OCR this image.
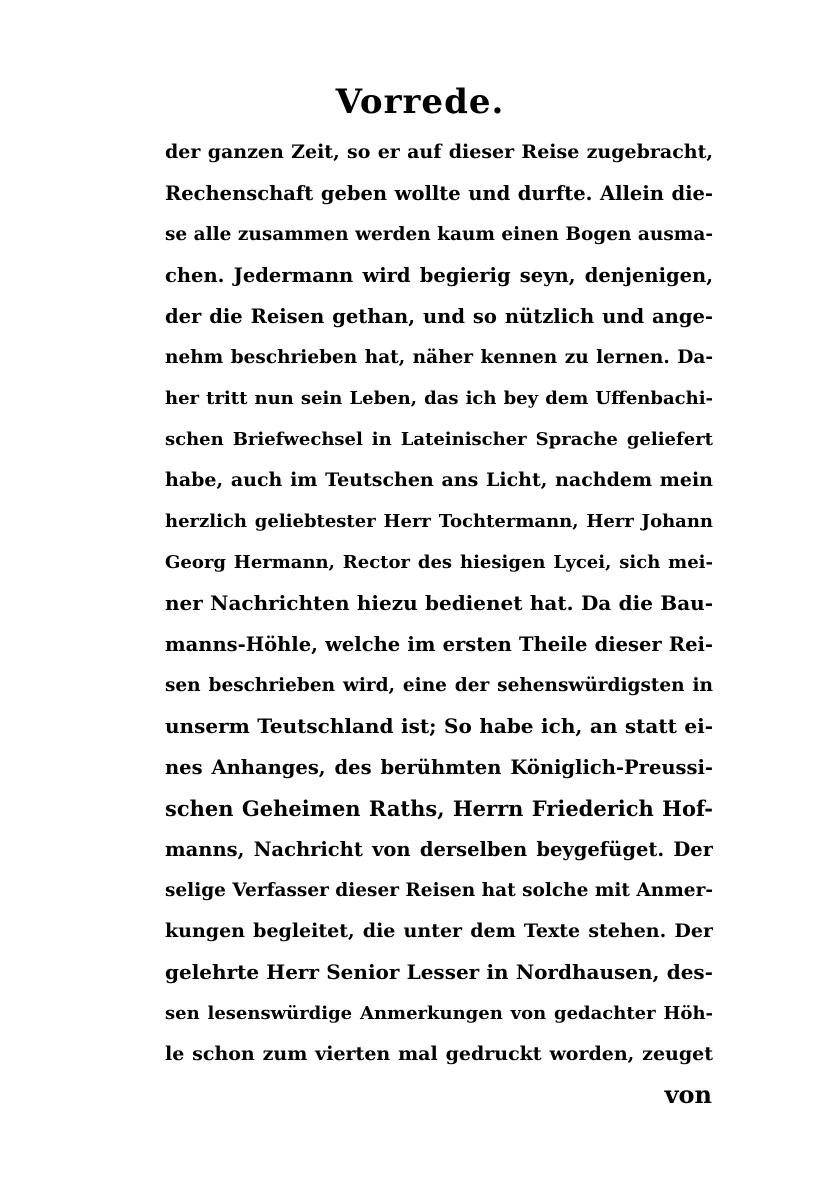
Vorrede.
der ganzen Zeit, so er auf dieser Reise zugebracht,
Rechenschaft geben wollte und durfte. Allein die-
se alle zusammen werden kaum einen Bogen ausma-
chen. Jedermann wird begierig seyn, denjenigen,
der die Reisen gethan, und so nützlich und ange-
nehm beschrieben hat, näher kennen zu lernen. Da-
her tritt nun sein Leben, das ich bey dem Uffenbachi-
schen Briefwechsel in Lateinischer Sprache geliefert
habe, auch im Teutschen ans Licht, nachdem mein
herzlich geliebtester Herr Tochtermann, Herr Johann
Georg Hermann, Rector des hiesigen Lycei, sich mei-
ner Nachrichten hiezu bedienet hat. Da die Bau-
manns-Höhle, welche im ersten Theile dieser Rei-
sen beschrieben wird, eine der sehenswürdigsten in
unserm Teutschland ist; So habe ich, an statt ei-
nes Anhanges, des berühmten Königlich-Preussi-
schen Geheimen Raths, Herrn Friederich Hof-
manns, Nachricht von derselben beygefüget. Der
selige Verfasser dieser Reisen hat solche mit Anmer-
kungen begleitet, die unter dem Texte stehen. Der
gelehrte Herr Senior Lesser in Nordhausen, des-
sen lesenswürdige Anmerkungen von gedachter Höh-
le schon zum vierten mal gedruckt worden, zeuget
von
